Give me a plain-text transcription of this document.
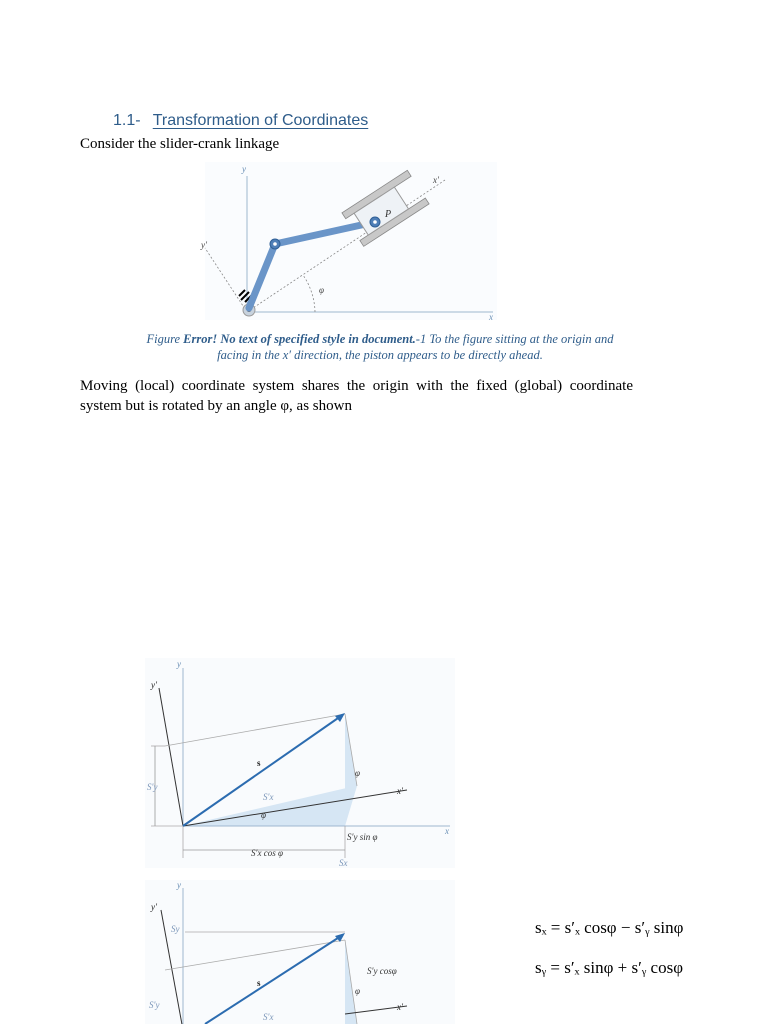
1.1- Transformation of Coordinates
Consider the slider-crank linkage
y
x
y′
x′
φ
P
Figure Error! No text of specified style in document.-1 To the figure sitting at the origin and
facing in the x′ direction, the piston appears to be directly ahead.
Moving (local) coordinate system shares the origin with the fixed (global) coordinate system but is rotated by an angle φ, as shown
y
x
y′
x′
s
S′y
S′x
φ
φ
S′y sin φ
S′x cos φ
Sx
y
y′
Sy
s
S′y cosφ
φ
S′y
S′x
x′
sₓ = s′ₓ cosφ − s′ᵧ sinφ
sᵧ = s′ₓ sinφ + s′ᵧ cosφ
